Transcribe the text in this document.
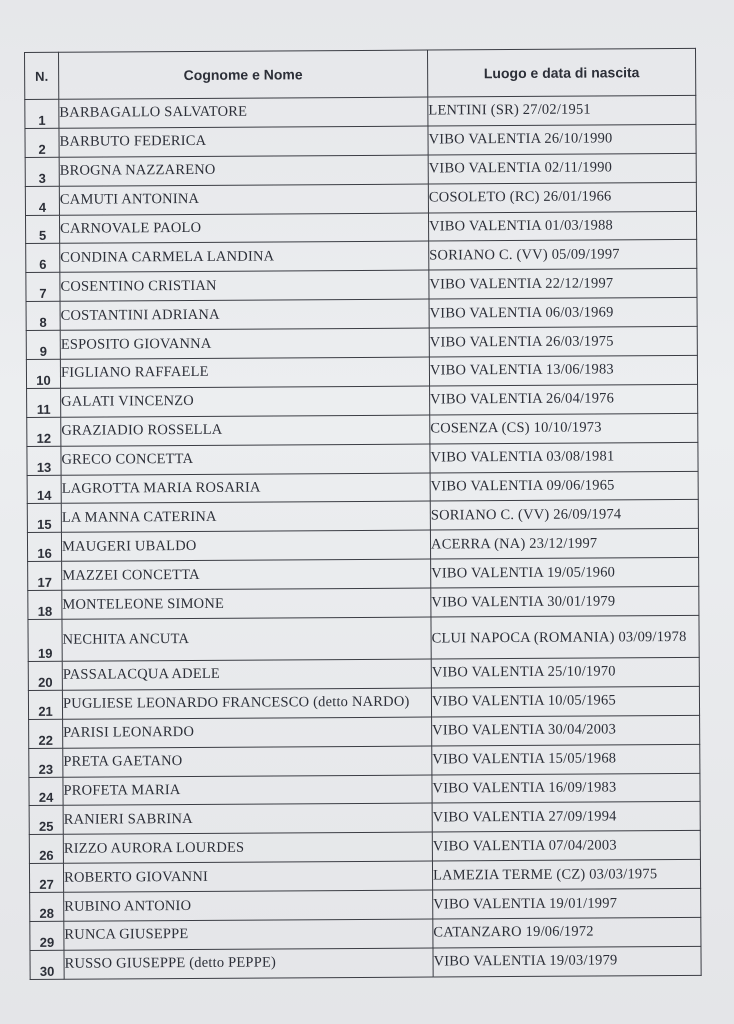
N.	Cognome e Nome	Luogo e data di nascita
1	BARBAGALLO SALVATORE	LENTINI (SR) 27/02/1951
2	BARBUTO FEDERICA	VIBO VALENTIA 26/10/1990
3	BROGNA NAZZARENO	VIBO VALENTIA 02/11/1990
4	CAMUTI ANTONINA	COSOLETO (RC) 26/01/1966
5	CARNOVALE PAOLO	VIBO VALENTIA 01/03/1988
6	CONDINA CARMELA LANDINA	SORIANO C. (VV) 05/09/1997
7	COSENTINO CRISTIAN	VIBO VALENTIA 22/12/1997
8	COSTANTINI ADRIANA	VIBO VALENTIA 06/03/1969
9	ESPOSITO GIOVANNA	VIBO VALENTIA 26/03/1975
10	FIGLIANO RAFFAELE	VIBO VALENTIA 13/06/1983
11	GALATI VINCENZO	VIBO VALENTIA 26/04/1976
12	GRAZIADIO ROSSELLA	COSENZA (CS) 10/10/1973
13	GRECO CONCETTA	VIBO VALENTIA 03/08/1981
14	LAGROTTA MARIA ROSARIA	VIBO VALENTIA 09/06/1965
15	LA MANNA CATERINA	SORIANO C. (VV) 26/09/1974
16	MAUGERI UBALDO	ACERRA (NA) 23/12/1997
17	MAZZEI CONCETTA	VIBO VALENTIA 19/05/1960
18	MONTELEONE SIMONE	VIBO VALENTIA 30/01/1979
19	NECHITA ANCUTA	CLUI NAPOCA (ROMANIA) 03/09/1978
20	PASSALACQUA ADELE	VIBO VALENTIA 25/10/1970
21	PUGLIESE LEONARDO FRANCESCO (detto NARDO)	VIBO VALENTIA 10/05/1965
22	PARISI LEONARDO	VIBO VALENTIA 30/04/2003
23	PRETA GAETANO	VIBO VALENTIA 15/05/1968
24	PROFETA MARIA	VIBO VALENTIA 16/09/1983
25	RANIERI SABRINA	VIBO VALENTIA 27/09/1994
26	RIZZO AURORA LOURDES	VIBO VALENTIA 07/04/2003
27	ROBERTO GIOVANNI	LAMEZIA TERME (CZ) 03/03/1975
28	RUBINO ANTONIO	VIBO VALENTIA 19/01/1997
29	RUNCA GIUSEPPE	CATANZARO 19/06/1972
30	RUSSO GIUSEPPE (detto PEPPE)	VIBO VALENTIA 19/03/1979
